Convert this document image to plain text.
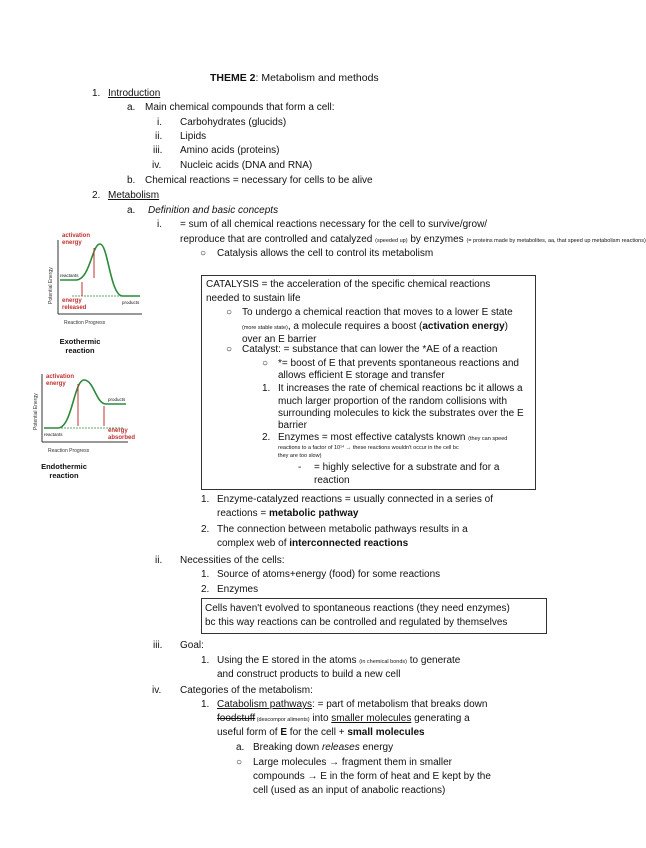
THEME 2: Metabolism and methods
1. Introduction
a. Main chemical compounds that form a cell:
i. Carbohydrates (glucids)
ii. Lipids
iii. Amino acids (proteins)
iv. Nucleic acids (DNA and RNA)
b. Chemical reactions = necessary for cells to be alive
2. Metabolism
a. Definition and basic concepts
i. = sum of all chemical reactions necessary for the cell to survive/grow/
reproduce that are controlled and catalyzed (speeded up) by enzymes (= proteins made by metabolites, aa, that speed up metabolism reactions)
○ Catalysis allows the cell to control its metabolism
CATALYSIS = the acceleration of the specific chemical reactions
needed to sustain life
○ To undergo a chemical reaction that moves to a lower E state
(more stable state), a molecule requires a boost (activation energy)
over an E barrier
○ Catalyst: = substance that can lower the *AE of a reaction
○ *= boost of E that prevents spontaneous reactions and
allows efficient E storage and transfer
1. It increases the rate of chemical reactions bc it allows a
much larger proportion of the random collisions with
surrounding molecules to kick the substrates over the E
barrier
2. Enzymes = most effective catalysts known (they can speed
reactions to a factor of 10¹⁴ → these reactions wouldn't occur in the cell bc
they are too slow)
- = highly selective for a substrate and for a
reaction
1. Enzyme-catalyzed reactions = usually connected in a series of
reactions = metabolic pathway
2. The connection between metabolic pathways results in a
complex web of interconnected reactions
ii. Necessities of the cells:
1. Source of atoms+energy (food) for some reactions
2. Enzymes
Cells haven't evolved to spontaneous reactions (they need enzymes)
bc this way reactions can be controlled and regulated by themselves
iii. Goal:
1. Using the E stored in the atoms (in chemical bonds) to generate
and construct products to build a new cell
iv. Categories of the metabolism:
1. Catabolism pathways: = part of metabolism that breaks down
foodstuff (descompor aliments) into smaller molecules generating a
useful form of E for the cell + small molecules
a. Breaking down releases energy
○ Large molecules → fragment them in smaller
compounds → E in the form of heat and E kept by the
cell (used as an input of anabolic reactions)
activation
energy
reactants
products
energy
released
Potential Energy
Reaction Progress
Exothermic
reaction
activation
energy
reactants
products
energy
absorbed
Potential Energy
Reaction Progress
Endothermic
reaction
